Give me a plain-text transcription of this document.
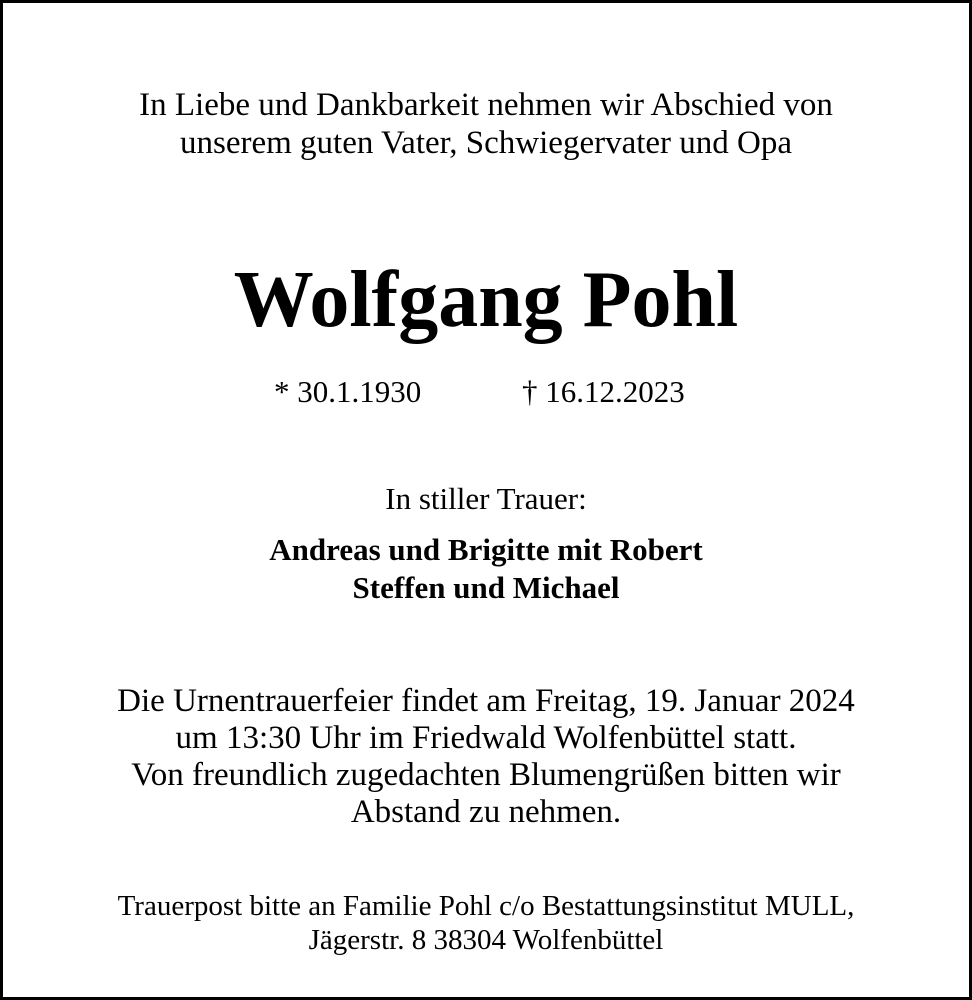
In Liebe und Dankbarkeit nehmen wir Abschied von
unserem guten Vater, Schwiegervater und Opa
Wolfgang Pohl
* 30.1.1930	† 16.12.2023
In stiller Trauer:
Andreas und Brigitte mit Robert
Steffen und Michael
Die Urnentrauerfeier findet am Freitag, 19. Januar 2024
um 13:30 Uhr im Friedwald Wolfenbüttel statt.
Von freundlich zugedachten Blumengrüßen bitten wir
Abstand zu nehmen.
Trauerpost bitte an Familie Pohl c/o Bestattungsinstitut MULL,
Jägerstr. 8 38304 Wolfenbüttel
